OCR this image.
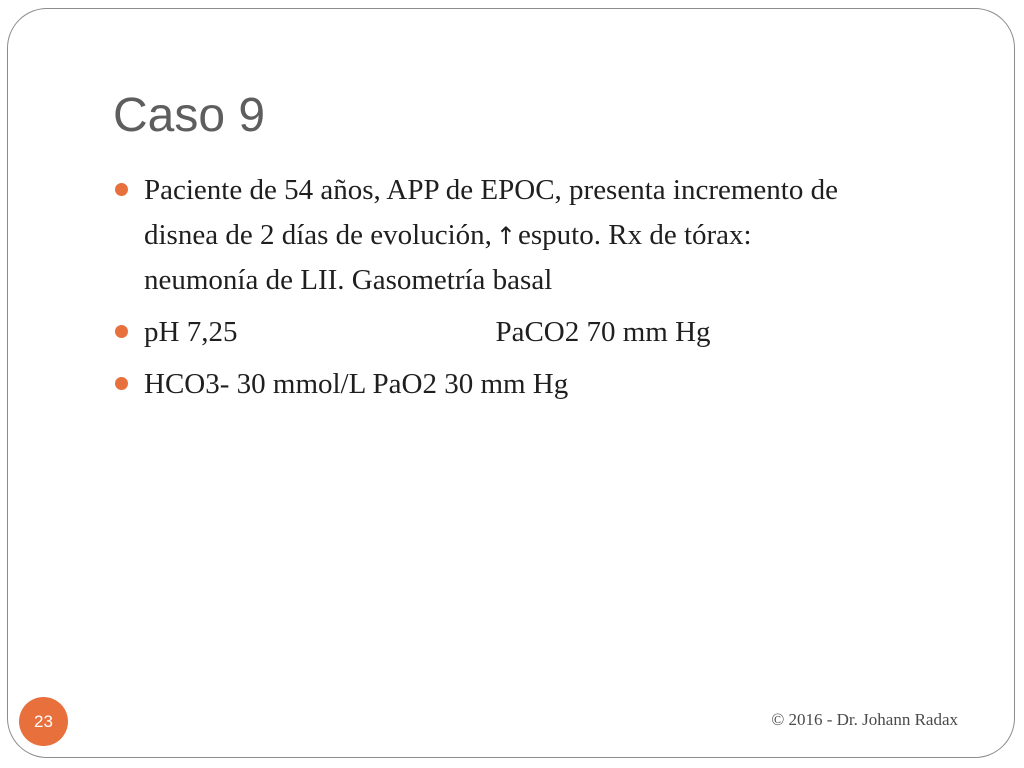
Caso 9
Paciente de 54 años, APP de EPOC, presenta incremento de
disnea de 2 días de evolución, ↑esputo. Rx de tórax:
neumonía de LII. Gasometría basal
pH 7,25	PaCO2 70 mm Hg
HCO3- 30 mmol/L PaO2 30 mm Hg
23	© 2016 - Dr. Johann Radax
